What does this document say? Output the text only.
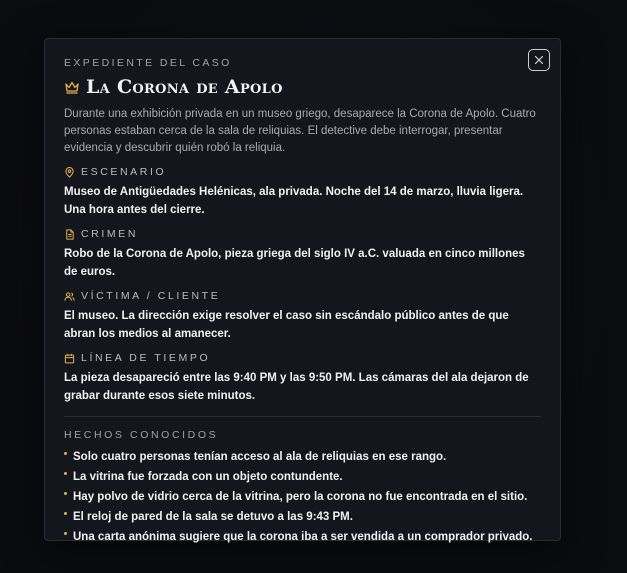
EXPEDIENTE DEL CASO

La Corona de Apolo
Durante una exhibición privada en un museo griego, desaparece la Corona de Apolo. Cuatro personas estaban cerca de la sala de reliquias. El detective debe interrogar, presentar evidencia y descubrir quién robó la reliquia.
ESCENARIO
Museo de Antigüedades Helénicas, ala privada. Noche del 14 de marzo, lluvia ligera. Una hora antes del cierre.
CRIMEN
Robo de la Corona de Apolo, pieza griega del siglo IV a.C. valuada en cinco millones de euros.
VÍCTIMA / CLIENTE
El museo. La dirección exige resolver el caso sin escándalo público antes de que abran los medios al amanecer.
LÍNEA DE TIEMPO
La pieza desapareció entre las 9:40 PM y las 9:50 PM. Las cámaras del ala dejaron de grabar durante esos siete minutos.
HECHOS CONOCIDOS
Solo cuatro personas tenían acceso al ala de reliquias en ese rango.
La vitrina fue forzada con un objeto contundente.
Hay polvo de vidrio cerca de la vitrina, pero la corona no fue encontrada en el sitio.
El reloj de pared de la sala se detuvo a las 9:43 PM.
Una carta anónima sugiere que la corona iba a ser vendida a un comprador privado.
